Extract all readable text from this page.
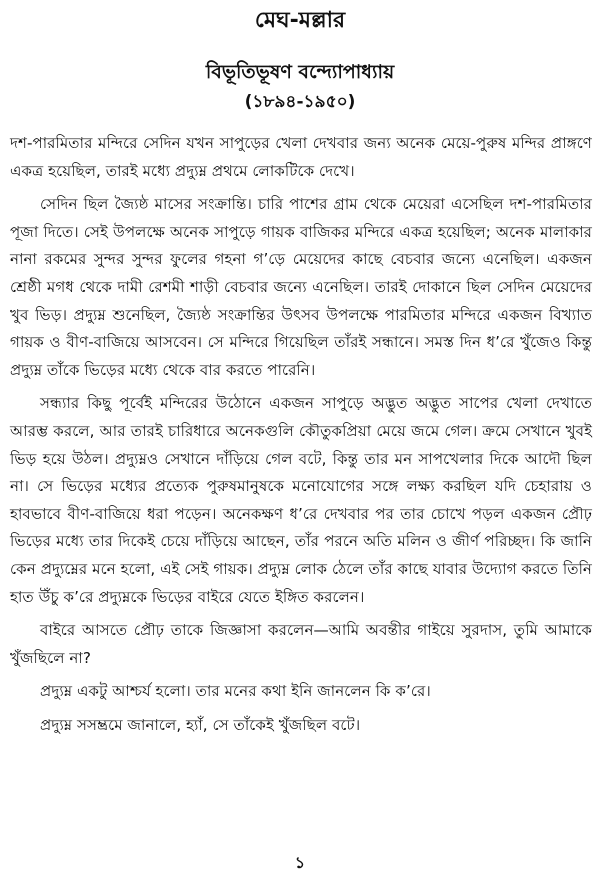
মেঘ-মল্লার
বিভূতিভূষণ বন্দ্যোপাধ্যায়
(১৮৯৪-১৯৫০)

দশ-পারমিতার মন্দিরে সেদিন যখন সাপুড়ের খেলা দেখবার জন্য অনেক মেয়ে-পুরুষ মন্দির প্রাঙ্গণে একত্র হয়েছিল, তারই মধ্যে প্রদ্যুম্ন প্রথমে লোকটিকে দেখে।

সেদিন ছিল জ্যৈষ্ঠ মাসের সংক্রান্তি। চারি পাশের গ্রাম থেকে মেয়েরা এসেছিল দশ-পারমিতার পূজা দিতে। সেই উপলক্ষে অনেক সাপুড়ে গায়ক বাজিকর মন্দিরে একত্র হয়েছিল; অনেক মালাকার নানা রকমের সুন্দর সুন্দর ফুলের গহনা গ’ড়ে মেয়েদের কাছে বেচবার জন্যে এনেছিল। একজন শ্রেষ্ঠী মগধ থেকে দামী রেশমী শাড়ী বেচবার জন্যে এনেছিল। তারই দোকানে ছিল সেদিন মেয়েদের খুব ভিড়। প্রদ্যুম্ন শুনেছিল, জ্যৈষ্ঠ সংক্রান্তির উৎসব উপলক্ষে পারমিতার মন্দিরে একজন বিখ্যাত গায়ক ও বীণ-বাজিয়ে আসবেন। সে মন্দিরে গিয়েছিল তাঁরই সন্ধানে। সমস্ত দিন ধ’রে খুঁজেও কিন্তু প্রদ্যুম্ন তাঁকে ভিড়ের মধ্যে থেকে বার করতে পারেনি।

সন্ধ্যার কিছু পূর্বেই মন্দিরের উঠোনে একজন সাপুড়ে অদ্ভুত অদ্ভুত সাপের খেলা দেখাতে আরম্ভ করলে, আর তারই চারিধারে অনেকগুলি কৌতুকপ্রিয়া মেয়ে জমে গেল। ক্রমে সেখানে খুবই ভিড় হয়ে উঠল। প্রদ্যুম্নও সেখানে দাঁড়িয়ে গেল বটে, কিন্তু তার মন সাপখেলার দিকে আদৌ ছিল না। সে ভিড়ের মধ্যের প্রত্যেক পুরুষমানুষকে মনোযোগের সঙ্গে লক্ষ্য করছিল যদি চেহারায় ও হাবভাবে বীণ-বাজিয়ে ধরা পড়েন। অনেকক্ষণ ধ’রে দেখবার পর তার চোখে পড়ল একজন প্রৌঢ় ভিড়ের মধ্যে তার দিকেই চেয়ে দাঁড়িয়ে আছেন, তাঁর পরনে অতি মলিন ও জীর্ণ পরিচ্ছদ। কি জানি কেন প্রদ্যুম্নের মনে হলো, এই সেই গায়ক। প্রদ্যুম্ন লোক ঠেলে তাঁর কাছে যাবার উদ্যোগ করতে তিনি হাত উঁচু ক’রে প্রদ্যুম্নকে ভিড়ের বাইরে যেতে ইঙ্গিত করলেন।

বাইরে আসতে প্রৌঢ় তাকে জিজ্ঞাসা করলেন—আমি অবন্তীর গাইয়ে সুরদাস, তুমি আমাকে খুঁজছিলে না?

প্রদ্যুম্ন একটু আশ্চর্য হলো। তার মনের কথা ইনি জানলেন কি ক’রে।

প্রদ্যুম্ন সসম্ভ্রমে জানালে, হ্যাঁ, সে তাঁকেই খুঁজছিল বটে।

১
